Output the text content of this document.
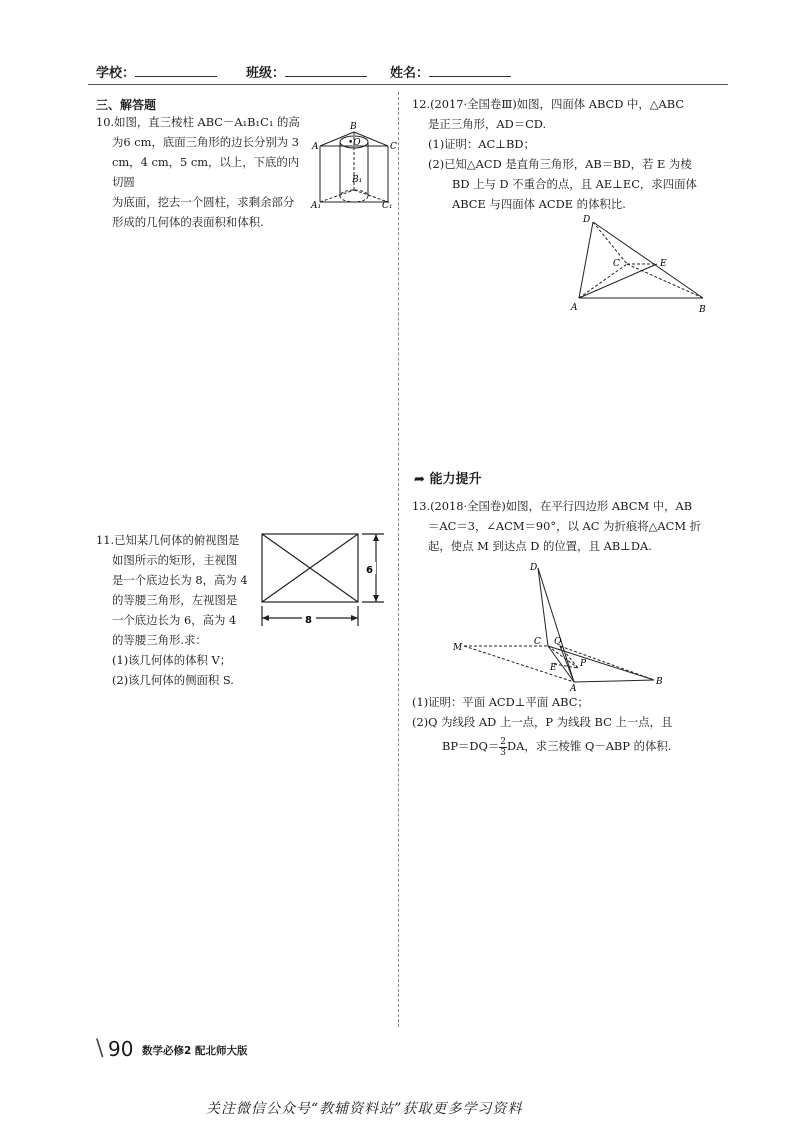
学校：	班级：	姓名：
三、解答题
10.如图，直三棱柱 ABC－A₁B₁C₁ 的高
为6 cm，底面三角形的边长分别为 3
cm，4 cm，5 cm，以上，下底的内切圆
为底面，挖去一个圆柱，求剩余部分
形成的几何体的表面积和体积.
A
B
C
•O
A₁
B₁
C₁
11.已知某几何体的俯视图是
如图所示的矩形，主视图
是一个底边长为 8，高为 4
的等腰三角形，左视图是
一个底边长为 6，高为 4
的等腰三角形.求：
(1)该几何体的体积 V；
(2)该几何体的侧面积 S.
6
8
12.(2017·全国卷Ⅲ)如图，四面体 ABCD 中，△ABC
是正三角形，AD＝CD.
(1)证明：AC⊥BD；
(2)已知△ACD 是直角三角形，AB＝BD，若 E 为棱
BD 上与 D 不重合的点，且 AE⊥EC，求四面体
ABCE 与四面体 ACDE 的体积比.
D
C	E
A	B
➦ 能力提升
13.(2018·全国卷)如图，在平行四边形 ABCM 中，AB
＝AC＝3，∠ACM＝90°，以 AC 为折痕将△ACM 折
起，使点 M 到达点 D 的位置，且 AB⊥DA.
D
M
C Q
E	P
A
B
(1)证明：平面 ACD⊥平面 ABC；
(2)Q 为线段 AD 上一点，P 为线段 BC 上一点，且
$BP=DQ= \frac{2}{3}$ DA，求三棱锥 Q－ABP 的体积.
\ 90 数学必修2 配北师大版
关注微信公众号“教辅资料站”获取更多学习资料
